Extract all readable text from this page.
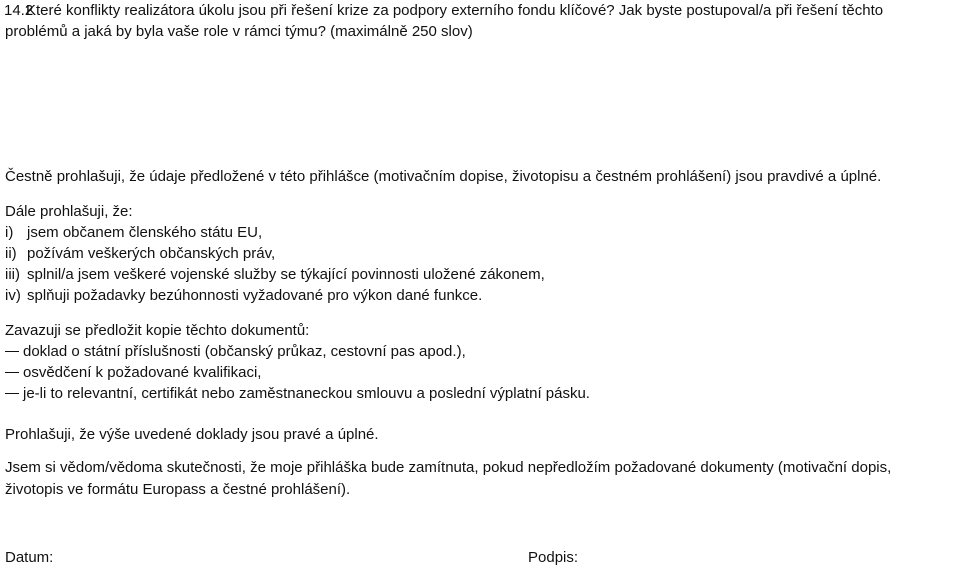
14.2
Které konflikty realizátora úkolu jsou při řešení krize za podpory externího fondu klíčové? Jak byste postupoval/a při řešení těchto
problémů a jaká by byla vaše role v rámci týmu? (maximálně 250 slov)
Čestně prohlašuji, že údaje předložené v této přihlášce (motivačním dopise, životopisu a čestném prohlášení) jsou pravdivé a úplné.
Dále prohlašuji, že:
i) jsem občanem členského státu EU,
ii) požívám veškerých občanských práv,
iii) splnil/a jsem veškeré vojenské služby se týkající povinnosti uložené zákonem,
iv) splňuji požadavky bezúhonnosti vyžadované pro výkon dané funkce.
Zavazuji se předložit kopie těchto dokumentů:
doklad o státní příslušnosti (občanský průkaz, cestovní pas apod.),
osvědčení k požadované kvalifikaci,
je-li to relevantní, certifikát nebo zaměstnaneckou smlouvu a poslední výplatní pásku.
Prohlašuji, že výše uvedené doklady jsou pravé a úplné.
Jsem si vědom/vědoma skutečnosti, že moje přihláška bude zamítnuta, pokud nepředložím požadované dokumenty (motivační dopis,
životopis ve formátu Europass a čestné prohlášení).
Datum:	Podpis:
